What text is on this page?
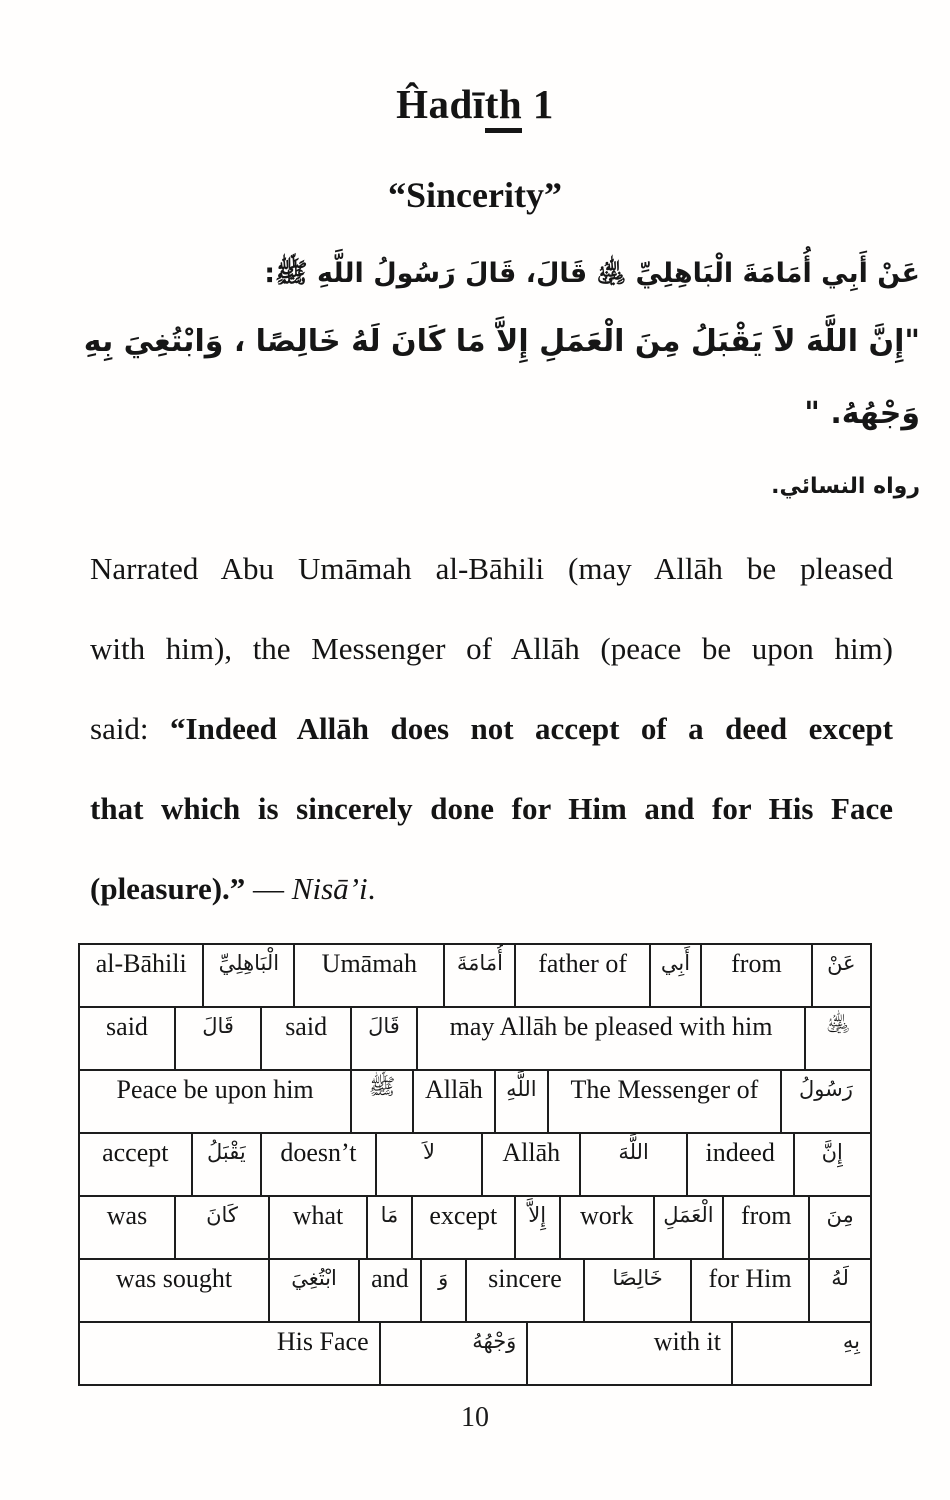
Ĥadīth 1
“Sincerity”
عَنْ أَبِي أُمَامَةَ الْبَاهِلِيِّ ﵁ قَالَ، قَالَ رَسُولُ اللَّهِ ﷺ:
"إِنَّ اللَّهَ لاَ يَقْبَلُ مِنَ الْعَمَلِ إِلاَّ مَا كَانَ لَهُ خَالِصًا ، وَابْتُغِيَ بِهِ
وَجْهُهُ. "
رواه النسائي.
Narrated Abu Umāmah al-Bāhili (may Allāh be pleased
with him), the Messenger of Allāh (peace be upon him)
said: “Indeed Allāh does not accept of a deed except
that which is sincerely done for Him and for His Face
(pleasure).” — Nisā’i.
al-Bāhili	الْبَاهِلِيِّ	Umāmah	أُمَامَةَ	father of	أَبِي	from	عَنْ
said	قَالَ	said	قَالَ	may Allāh be pleased with him	﵁
Peace be upon him	ﷺ	Allāh	اللَّهِ	The Messenger of	رَسُولُ
accept	يَقْبَلُ	doesn’t	لاَ	Allāh	اللَّهَ	indeed	إِنَّ
was	كَانَ	what	مَا	except	إِلاَّ	work	الْعَمَلِ	from	مِنَ
was sought	ابْتُغِيَ	and	وَ	sincere	خَالِصًا	for Him	لَهُ
His Face	وَجْهُهُ	with it	بِهِ
10
